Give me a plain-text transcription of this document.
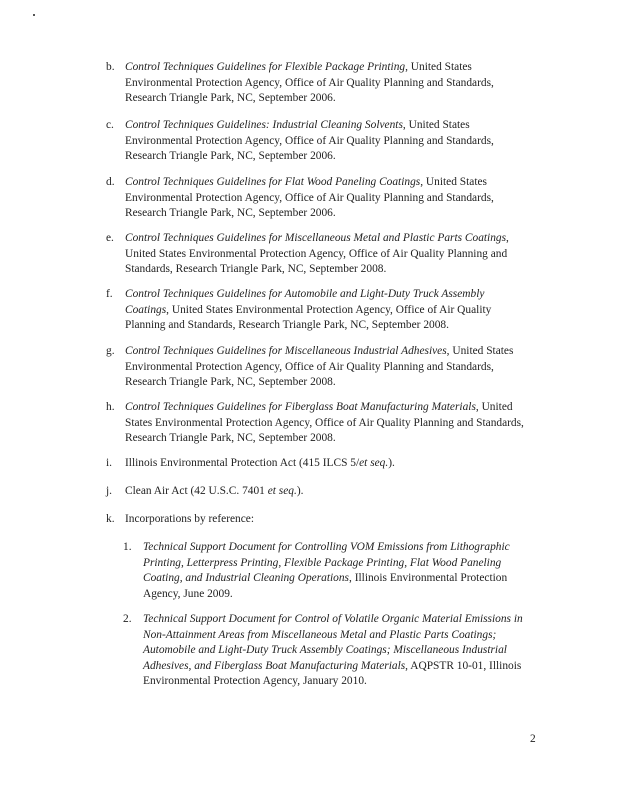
b. Control Techniques Guidelines for Flexible Package Printing, United States Environmental Protection Agency, Office of Air Quality Planning and Standards, Research Triangle Park, NC, September 2006.
c. Control Techniques Guidelines: Industrial Cleaning Solvents, United States Environmental Protection Agency, Office of Air Quality Planning and Standards, Research Triangle Park, NC, September 2006.
d. Control Techniques Guidelines for Flat Wood Paneling Coatings, United States Environmental Protection Agency, Office of Air Quality Planning and Standards, Research Triangle Park, NC, September 2006.
e. Control Techniques Guidelines for Miscellaneous Metal and Plastic Parts Coatings, United States Environmental Protection Agency, Office of Air Quality Planning and Standards, Research Triangle Park, NC, September 2008.
f.	Control Techniques Guidelines for Automobile and Light-Duty Truck Assembly Coatings, United States Environmental Protection Agency, Office of Air Quality Planning and Standards, Research Triangle Park, NC, September 2008.
g. Control Techniques Guidelines for Miscellaneous Industrial Adhesives, United States Environmental Protection Agency, Office of Air Quality Planning and Standards, Research Triangle Park, NC, September 2008.
h. Control Techniques Guidelines for Fiberglass Boat Manufacturing Materials, United States Environmental Protection Agency, Office of Air Quality Planning and Standards, Research Triangle Park, NC, September 2008.
i.	Illinois Environmental Protection Act (415 ILCS 5/et seq.).
j.	Clean Air Act (42 U.S.C. 7401 et seq.).
k. Incorporations by reference:
1.	Technical Support Document for Controlling VOM Emissions from Lithographic Printing, Letterpress Printing, Flexible Package Printing, Flat Wood Paneling Coating, and Industrial Cleaning Operations, Illinois Environmental Protection Agency, June 2009.
2.	Technical Support Document for Control of Volatile Organic Material Emissions in Non-Attainment Areas from Miscellaneous Metal and Plastic Parts Coatings; Automobile and Light-Duty Truck Assembly Coatings; Miscellaneous Industrial Adhesives, and Fiberglass Boat Manufacturing Materials, AQPSTR 10-01, Illinois Environmental Protection Agency, January 2010.
2
